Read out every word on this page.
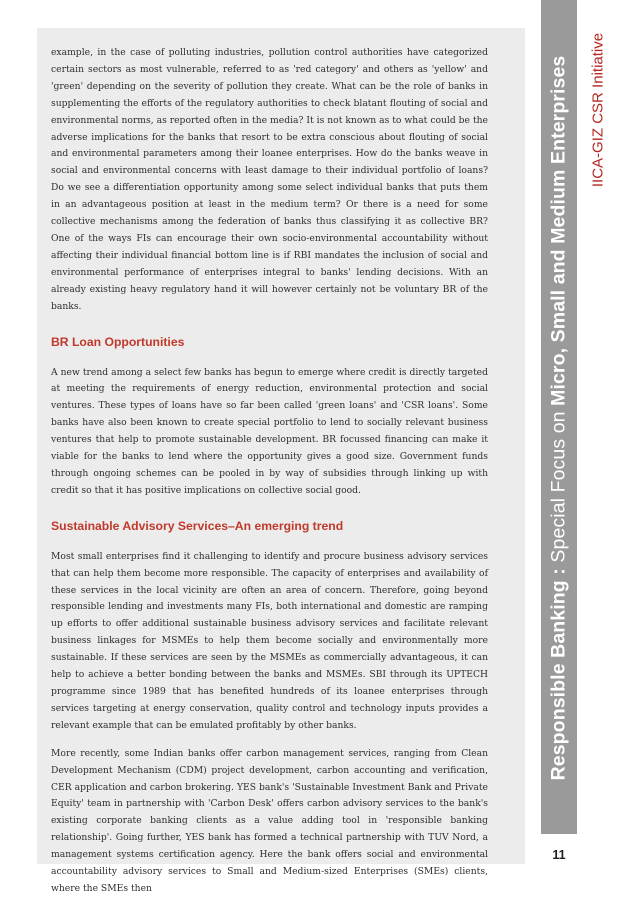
example, in the case of polluting industries, pollution control authorities have categorized certain sectors as most vulnerable, referred to as 'red category' and others as 'yellow' and 'green' depending on the severity of pollution they create. What can be the role of banks in supplementing the efforts of the regulatory authorities to check blatant flouting of social and environmental norms, as reported often in the media? It is not known as to what could be the adverse implications for the banks that resort to be extra conscious about flouting of social and environmental parameters among their loanee enterprises. How do the banks weave in social and environmental concerns with least damage to their individual portfolio of loans? Do we see a differentiation opportunity among some select individual banks that puts them in an advantageous position at least in the medium term? Or there is a need for some collective mechanisms among the federation of banks thus classifying it as collective BR? One of the ways FIs can encourage their own socio-environmental accountability without affecting their individual financial bottom line is if RBI mandates the inclusion of social and environmental performance of enterprises integral to banks' lending decisions. With an already existing heavy regulatory hand it will however certainly not be voluntary BR of the banks.

BR Loan Opportunities

A new trend among a select few banks has begun to emerge where credit is directly targeted at meeting the requirements of energy reduction, environmental protection and social ventures. These types of loans have so far been called 'green loans' and 'CSR loans'. Some banks have also been known to create special portfolio to lend to socially relevant business ventures that help to promote sustainable development. BR focussed financing can make it viable for the banks to lend where the opportunity gives a good size. Government funds through ongoing schemes can be pooled in by way of subsidies through linking up with credit so that it has positive implications on collective social good.

Sustainable Advisory Services–An emerging trend

Most small enterprises find it challenging to identify and procure business advisory services that can help them become more responsible. The capacity of enterprises and availability of these services in the local vicinity are often an area of concern. Therefore, going beyond responsible lending and investments many FIs, both international and domestic are ramping up efforts to offer additional sustainable business advisory services and facilitate relevant business linkages for MSMEs to help them become socially and environmentally more sustainable. If these services are seen by the MSMEs as commercially advantageous, it can help to achieve a better bonding between the banks and MSMEs. SBI through its UPTECH programme since 1989 that has benefited hundreds of its loanee enterprises through services targeting at energy conservation, quality control and technology inputs provides a relevant example that can be emulated profitably by other banks.

More recently, some Indian banks offer carbon management services, ranging from Clean Development Mechanism (CDM) project development, carbon accounting and verification, CER application and carbon brokering. YES bank's 'Sustainable Investment Bank and Private Equity' team in partnership with 'Carbon Desk' offers carbon advisory services to the bank's existing corporate banking clients as a value adding tool in 'responsible banking relationship'. Going further, YES bank has formed a technical partnership with TUV Nord, a management systems certification agency. Here the bank offers social and environmental accountability advisory services to Small and Medium-sized Enterprises (SMEs) clients, where the SMEs then

Responsible Banking : Special Focus on Micro, Small and Medium Enterprises IICA-GIZ CSR Initiative
11
